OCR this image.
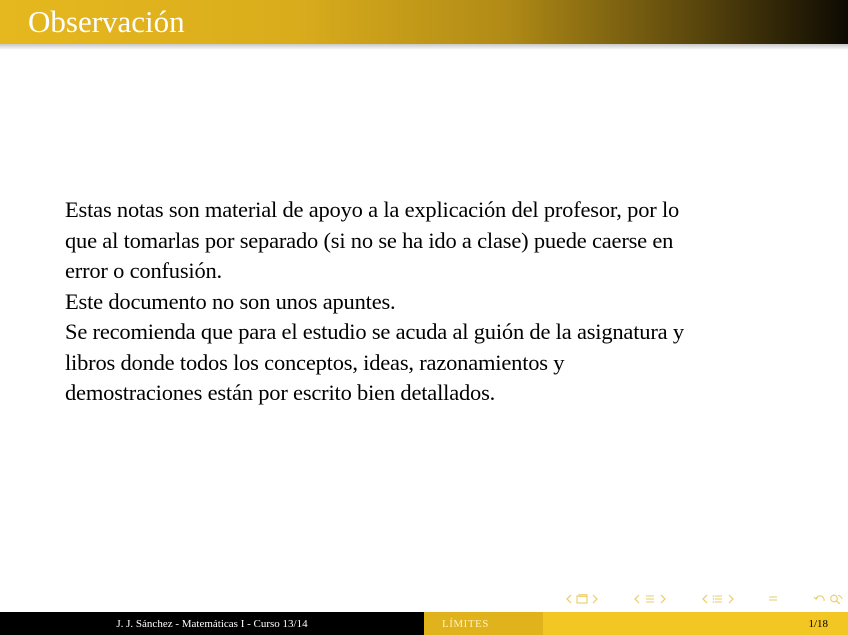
Observación

Estas notas son material de apoyo a la explicación del profesor, por lo

que al tomarlas por separado (si no se ha ido a clase) puede caerse en

error o confusión.

Este documento no son unos apuntes.

Se recomienda que para el estudio se acuda al guión de la asignatura y

libros donde todos los conceptos, ideas, razonamientos y

demostraciones están por escrito bien detallados.

J. J. Sánchez - Matemáticas I - Curso 13/14	LÍMITES	1/18
